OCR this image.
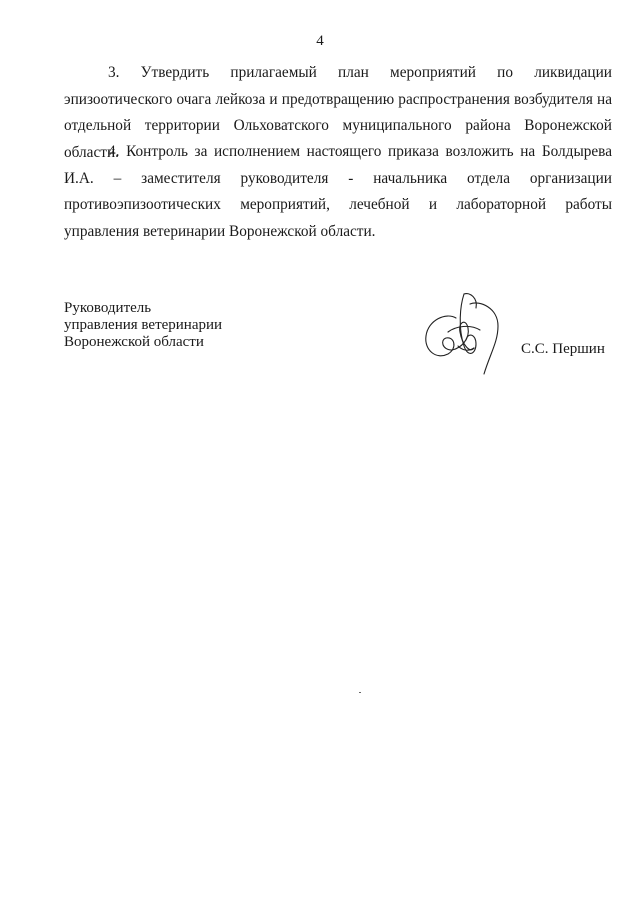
4

3. Утвердить прилагаемый план мероприятий по ликвидации эпизоотического очага лейкоза и предотвращению распространения возбудителя на отдельной территории Ольховатского муниципального района Воронежской области.

4. Контроль за исполнением настоящего приказа возложить на Болдырева И.А. – заместителя руководителя - начальника отдела организации противоэпизоотических мероприятий, лечебной и лабораторной работы управления ветеринарии Воронежской области.

Руководитель
управления ветеринарии
Воронежской области	С.С. Першин
